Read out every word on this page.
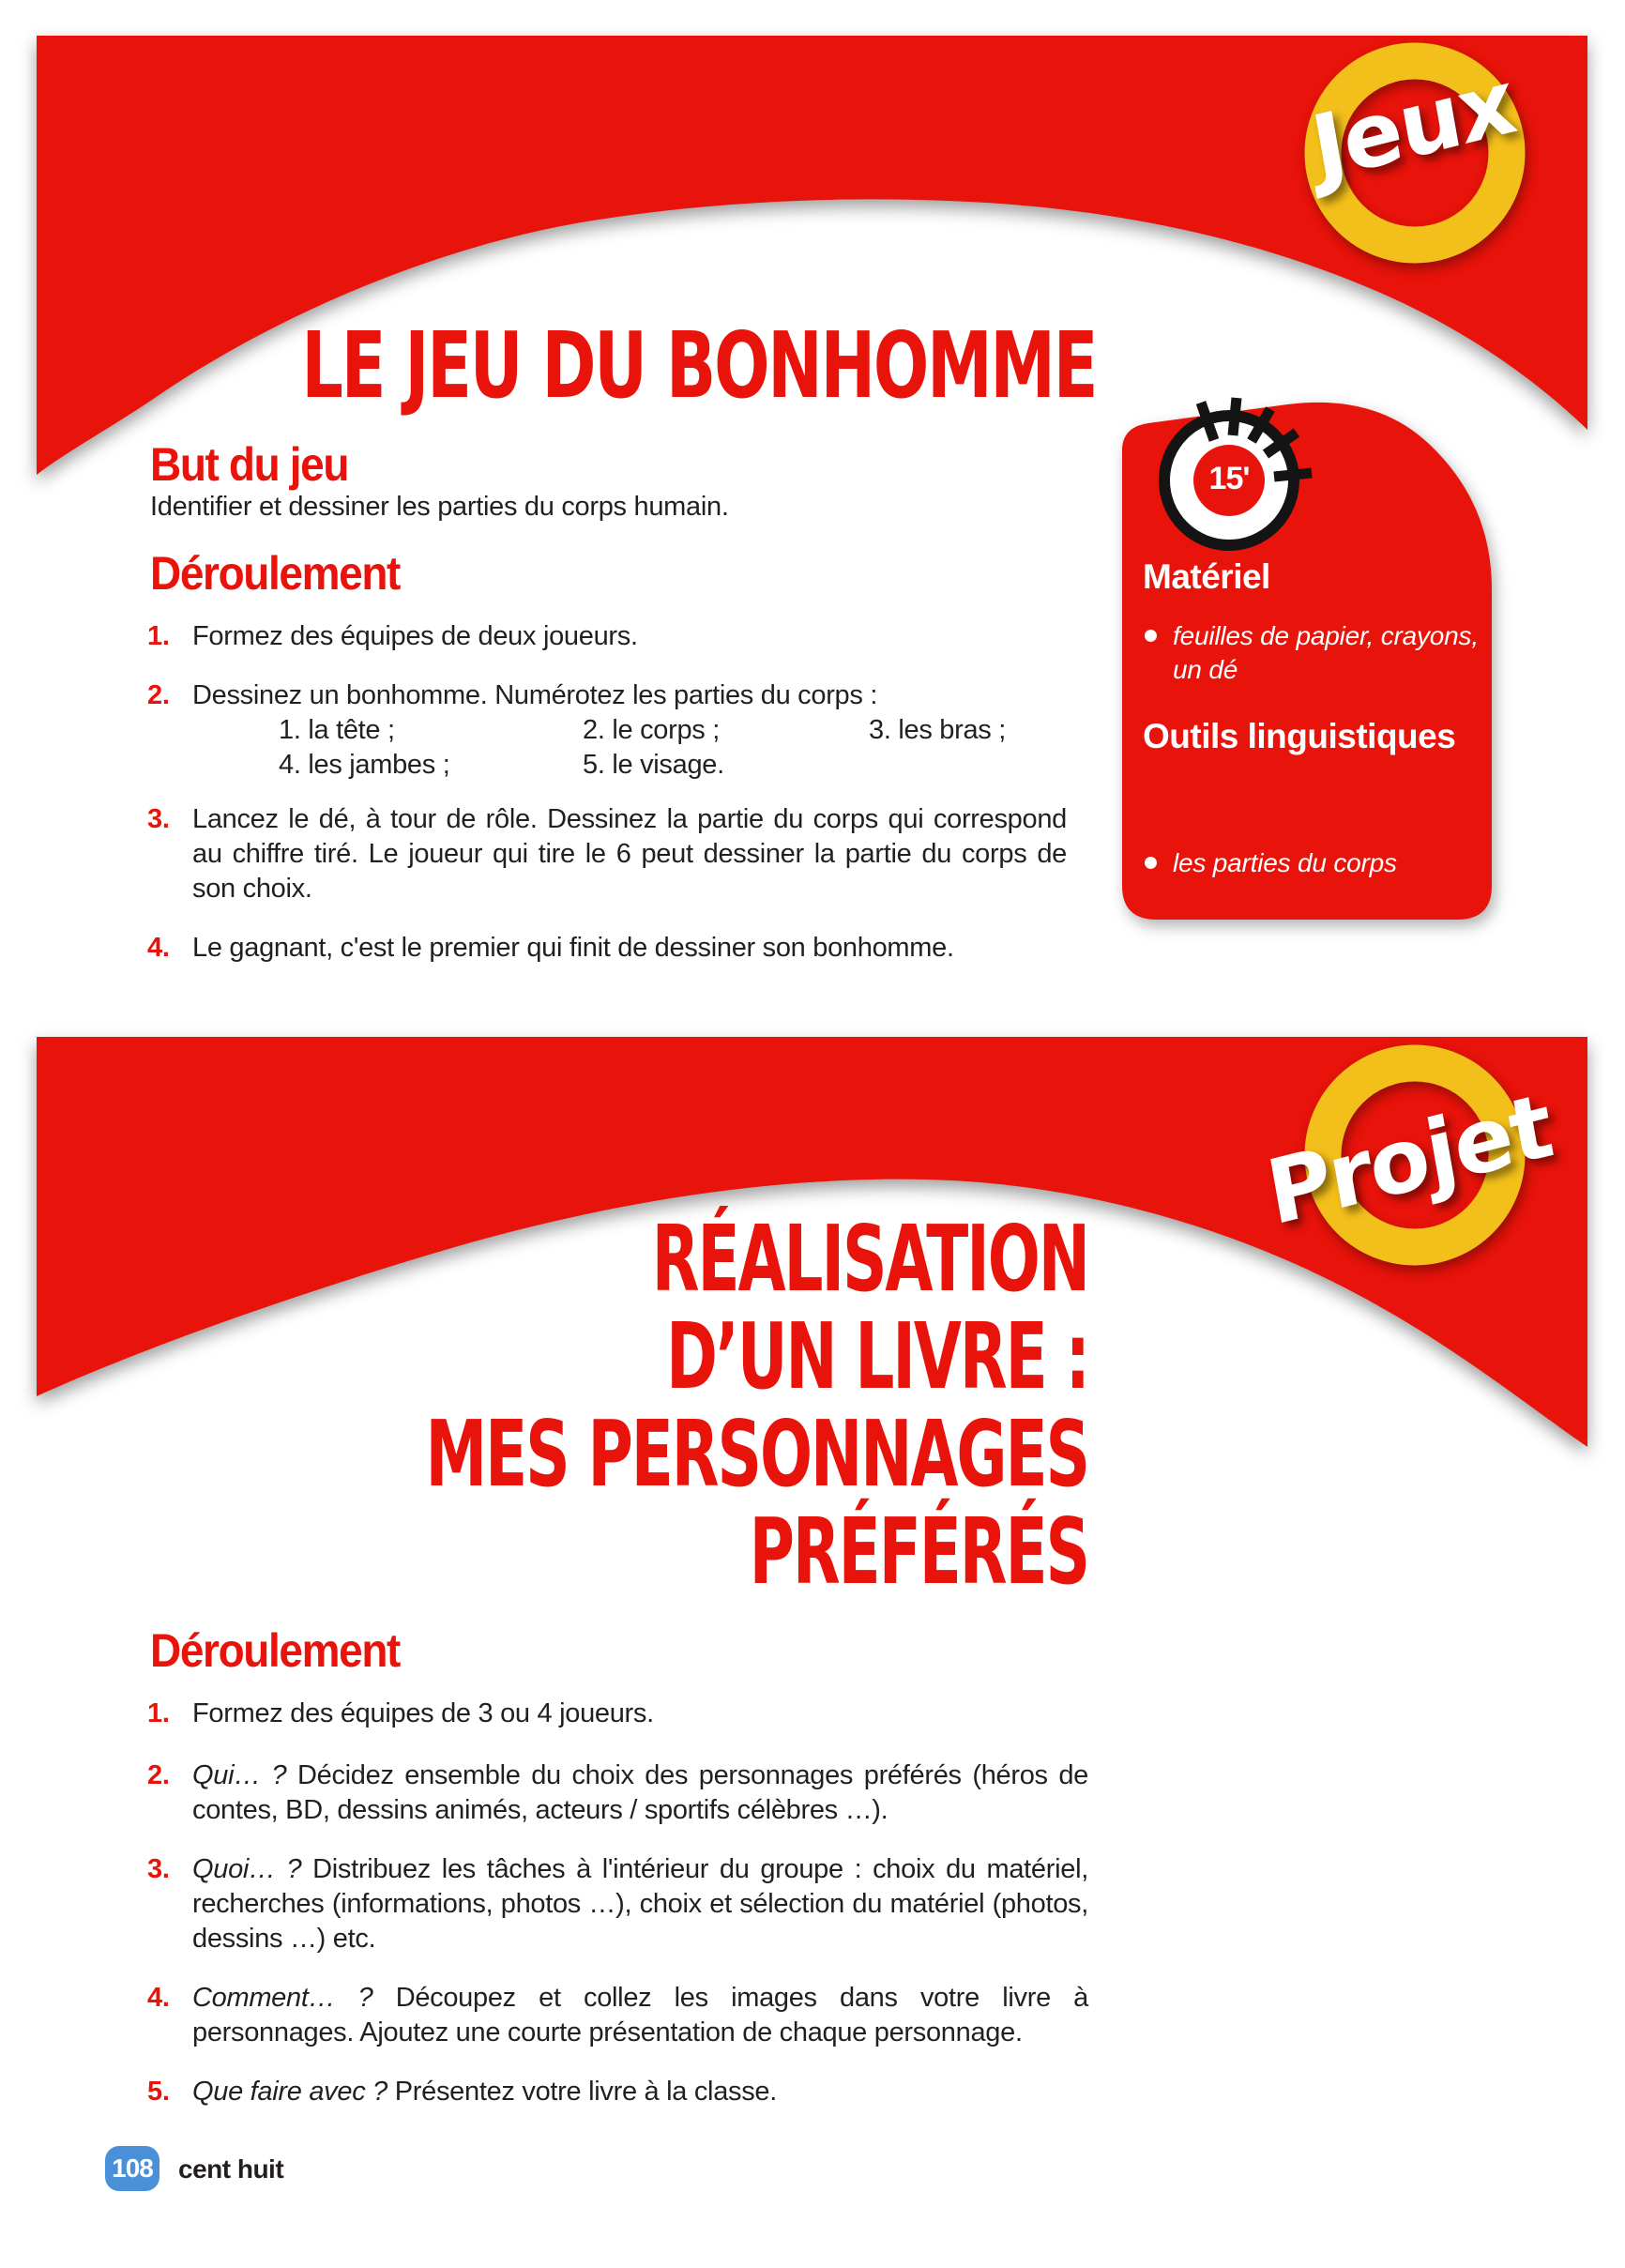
Jeux
15'
LE JEU DU BONHOMME
But du jeu
Identifier et dessiner les parties du corps humain.
Déroulement
1. Formez des équipes de deux joueurs.
2. Dessinez un bonhomme. Numérotez les parties du corps :
1. la tête ;	2. le corps ;	3. les bras ;
4. les jambes ;	5. le visage.
3. Lancez le dé, à tour de rôle. Dessinez la partie du corps qui correspond au chiffre tiré. Le joueur qui tire le 6 peut dessiner la partie du corps de son choix.
4. Le gagnant, c'est le premier qui finit de dessiner son bonhomme.
Matériel
feuilles de papier, crayons, un dé
Outils linguistiques
les parties du corps
Projet
RÉALISATION
D’UN LIVRE :
MES PERSONNAGES
PRÉFÉRÉS
Déroulement
1. Formez des équipes de 3 ou 4 joueurs.
2. Qui… ? Décidez ensemble du choix des personnages préférés (héros de contes, BD, dessins animés, acteurs / sportifs célèbres …).
3. Quoi… ? Distribuez les tâches à l'intérieur du groupe : choix du matériel, recherches (informations, photos …), choix et sélection du matériel (photos, dessins …) etc.
4. Comment… ? Découpez et collez les images dans votre livre à personnages. Ajoutez une courte présentation de chaque personnage.
5. Que faire avec ? Présentez votre livre à la classe.
108 cent huit
